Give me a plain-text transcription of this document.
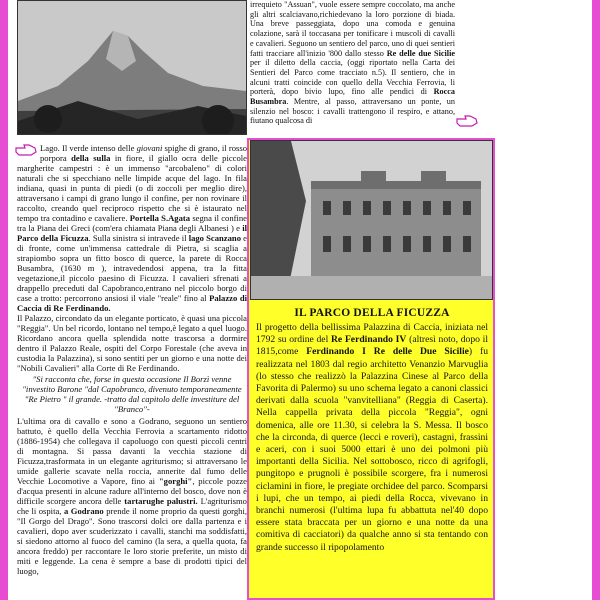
irrequieto "Assuan", vuole essere sempre coccolato, ma anche gli altri scalciavano,richiedevano la loro porzione di biada. Una breve passeggiata, dopo una comoda e genuina colazione, sarà il toccasana per tonificare i muscoli di cavalli e cavalieri. Seguono un sentiero del parco, uno di quei sentieri fatti tracciare all'inizio '800 dallo stesso Re delle due Sicilie per il diletto della caccia, (oggi riportato nella Carta dei Sentieri del Parco come tracciato n.5). Il sentiero, che in alcuni tratti coincide con quello della Vecchia Ferrovia, li porterà, dopo bivio lupo, fino alle pendici di Rocca Busambra. Mentre, al passo, attraversano un ponte, un silenzio nel bosco: i cavalli trattengono il respiro, e attano, fiutano qualcosa di

Lago. Il verde intenso delle giovani spighe di grano, il rosso porpora della sulla in fiore, il giallo ocra delle piccole margherite campestri : è un immenso "arcobaleno" di colori naturali che si specchiano nelle limpide acque del lago. In fila indiana, quasi in punta di piedi (o di zoccoli per meglio dire), attraversano i campi di grano lungo il confine, per non rovinare il raccolto, creando quel reciproco rispetto che si è istaurato nel tempo tra contadino e cavaliere. Portella S.Agata segna il confine tra la Piana dei Greci (com'era chiamata Piana degli Albanesi ) e il Parco della Ficuzza. Sulla sinistra si intravede il lago Scanzano e di fronte, come un'immensa cattedrale di Pietra, si scaglia a strapiombo sopra un fitto bosco di querce, la parete di Rocca Busambra, (1630 m ), intravedendosi appena, tra la fitta vegetazione,il piccolo paesino di Ficuzza. I cavalieri sfrenati a drappello preceduti dal Capobranco,entrano nel piccolo borgo di case a trotto: percorrono ansiosi il viale "reale" fino al Palazzo di Caccia di Re Ferdinando.

Il Palazzo, circondato da un elegante porticato, è quasi una piccola "Reggia". Un bel ricordo, lontano nel tempo,è legato a quel luogo. Ricordano ancora quella splendida notte trascorsa a dormire dentro il Palazzo Reale, ospiti del Corpo Forestale (che aveva in custodia la Palazzina), si sono sentiti per un giorno e una notte dei "Nobili Cavalieri" alla Corte di Re Ferdinando.

"Si racconta che, forse in questa occasione Il Borzì venne "investito Barone "dal Capobranco, divenuto temporaneamente "Re Pietro " il grande. -tratto dal capitolo delle investiture del "Branco"-

L'ultima ora di cavallo e sono a Godrano, seguono un sentiero battuto, è quello della Vecchia Ferrovia a scartamento ridotto (1886-1954) che collegava il capoluogo con questi piccoli centri di montagna. Si passa davanti la vecchia stazione di Ficuzza,trasformata in un elegante agriturismo; si attraversano le umide gallerie scavate nella roccia, annerite dal fumo delle Vecchie Locomotive a Vapore, fino ai "gorghi", piccole pozze d'acqua presenti in alcune radure all'interno del bosco, dove non è difficile scorgere ancora delle tartarughe palustri. L'agriturismo che li ospita, a Godrano prende il nome proprio da questi gorghi, "Il Gorgo del Drago". Sono trascorsi dolci ore dalla partenza e i cavalieri, dopo aver scuderizzato i cavalli, stanchi ma soddisfatti, si siedono attorno al fuoco del camino (la sera, a quella quota, fa ancora freddo) per raccontare le loro storie preferite, un misto di miti e leggende. La cena è sempre a base di prodotti tipici del luogo,

IL PARCO DELLA FICUZZA
Il progetto della bellissima Palazzina di Caccia, iniziata nel 1792 su ordine del Re Ferdinando IV (altresì noto, dopo il 1815,come Ferdinando I Re delle Due Sicilie) fu realizzata nel 1803 dal regio architetto Venanzio Marvuglia (lo stesso che realizzò la Palazzina Cinese al Parco della Favorita di Palermo) su uno schema legato a canoni classici derivati dalla scuola "vanvitelliana" (Reggia di Caserta). Nella cappella privata della piccola "Reggia", ogni domenica, alle ore 11.30, si celebra la S. Messa. Il bosco che la circonda, di querce (lecci e roveri), castagni, frassini e aceri, con i suoi 5000 ettari è uno dei polmoni più importanti della Sicilia. Nel sottobosco, ricco di agrifogli, pungitopo e prugnoli è possibile scorgere, fra i numerosi ciclamini in fiore, le pregiate orchidee del parco. Scomparsi i lupi, che un tempo, ai piedi della Rocca, vivevano in branchi numerosi (l'ultima lupa fu abbattuta nel'40 dopo essere stata braccata per un giorno e una notte da una comitiva di cacciatori) da qualche anno si sta tentando con grande successo il ripopolamento
